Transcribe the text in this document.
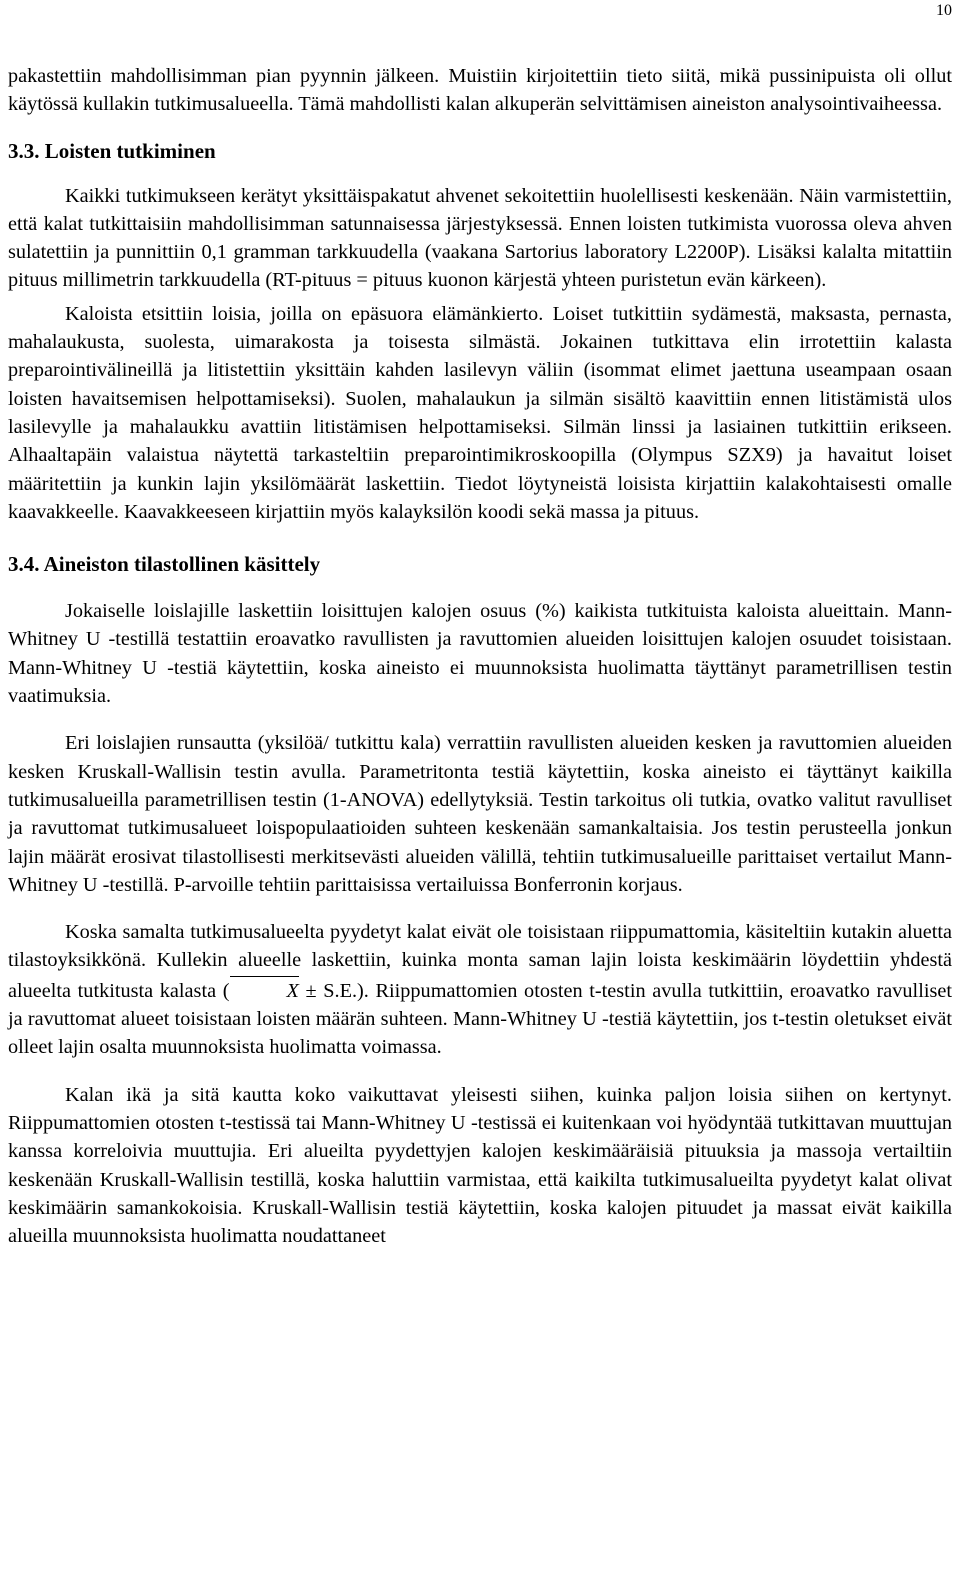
10

pakastettiin mahdollisimman pian pyynnin jälkeen. Muistiin kirjoitettiin tieto siitä, mikä pussinipuista oli ollut käytössä kullakin tutkimusalueella. Tämä mahdollisti kalan alkuperän selvittämisen aineiston analysointivaiheessa.

3.3. Loisten tutkiminen

Kaikki tutkimukseen kerätyt yksittäispakatut ahvenet sekoitettiin huolellisesti keskenään. Näin varmistettiin, että kalat tutkittaisiin mahdollisimman satunnaisessa järjestyksessä. Ennen loisten tutkimista vuorossa oleva ahven sulatettiin ja punnittiin 0,1 gramman tarkkuudella (vaakana Sartorius laboratory L2200P). Lisäksi kalalta mitattiin pituus millimetrin tarkkuudella (RT-pituus = pituus kuonon kärjestä yhteen puristetun evän kärkeen).

Kaloista etsittiin loisia, joilla on epäsuora elämänkierto. Loiset tutkittiin sydämestä, maksasta, pernasta, mahalaukusta, suolesta, uimarakosta ja toisesta silmästä. Jokainen tutkittava elin irrotettiin kalasta preparointivälineillä ja litistettiin yksittäin kahden lasilevyn väliin (isommat elimet jaettuna useampaan osaan loisten havaitsemisen helpottamiseksi). Suolen, mahalaukun ja silmän sisältö kaavittiin ennen litistämistä ulos lasilevylle ja mahalaukku avattiin litistämisen helpottamiseksi. Silmän linssi ja lasiainen tutkittiin erikseen. Alhaaltapäin valaistua näytettä tarkasteltiin preparointimikroskoopilla (Olympus SZX9) ja havaitut loiset määritettiin ja kunkin lajin yksilömäärät laskettiin. Tiedot löytyneistä loisista kirjattiin kalakohtaisesti omalle kaavakkeelle. Kaavakkeeseen kirjattiin myös kalayksilön koodi sekä massa ja pituus.

3.4. Aineiston tilastollinen käsittely

Jokaiselle loislajille laskettiin loisittujen kalojen osuus (%) kaikista tutkituista kaloista alueittain. Mann-Whitney U -testillä testattiin eroavatko ravullisten ja ravuttomien alueiden loisittujen kalojen osuudet toisistaan. Mann-Whitney U -testiä käytettiin, koska aineisto ei muunnoksista huolimatta täyttänyt parametrillisen testin vaatimuksia.

Eri loislajien runsautta (yksilöä/ tutkittu kala) verrattiin ravullisten alueiden kesken ja ravuttomien alueiden kesken Kruskall-Wallisin testin avulla. Parametritonta testiä käytettiin, koska aineisto ei täyttänyt kaikilla tutkimusalueilla parametrillisen testin (1-ANOVA) edellytyksiä. Testin tarkoitus oli tutkia, ovatko valitut ravulliset ja ravuttomat tutkimusalueet loispopulaatioiden suhteen keskenään samankaltaisia. Jos testin perusteella jonkun lajin määrät erosivat tilastollisesti merkitsevästi alueiden välillä, tehtiin tutkimusalueille parittaiset vertailut Mann-Whitney U -testillä. P-arvoille tehtiin parittaisissa vertailuissa Bonferronin korjaus.

Koska samalta tutkimusalueelta pyydetyt kalat eivät ole toisistaan riippumattomia, käsiteltiin kutakin aluetta tilastoyksikkönä. Kullekin alueelle laskettiin, kuinka monta saman lajin loista keskimäärin löydettiin yhdestä alueelta tutkitusta kalasta (	X ± S.E.). Riippumattomien otosten t-testin avulla tutkittiin, eroavatko ravulliset ja ravuttomat alueet toisistaan loisten määrän suhteen. Mann-Whitney U -testiä käytettiin, jos t-testin oletukset eivät olleet lajin osalta muunnoksista huolimatta voimassa.

Kalan ikä ja sitä kautta koko vaikuttavat yleisesti siihen, kuinka paljon loisia siihen on kertynyt. Riippumattomien otosten t-testissä tai Mann-Whitney U -testissä ei kuitenkaan voi hyödyntää tutkittavan muuttujan kanssa korreloivia muuttujia. Eri alueilta pyydettyjen kalojen keskimääräisiä pituuksia ja massoja vertailtiin keskenään Kruskall-Wallisin testillä, koska haluttiin varmistaa, että kaikilta tutkimusalueilta pyydetyt kalat olivat keskimäärin samankokoisia. Kruskall-Wallisin testiä käytettiin, koska kalojen pituudet ja massat eivät kaikilla alueilla muunnoksista huolimatta noudattaneet
